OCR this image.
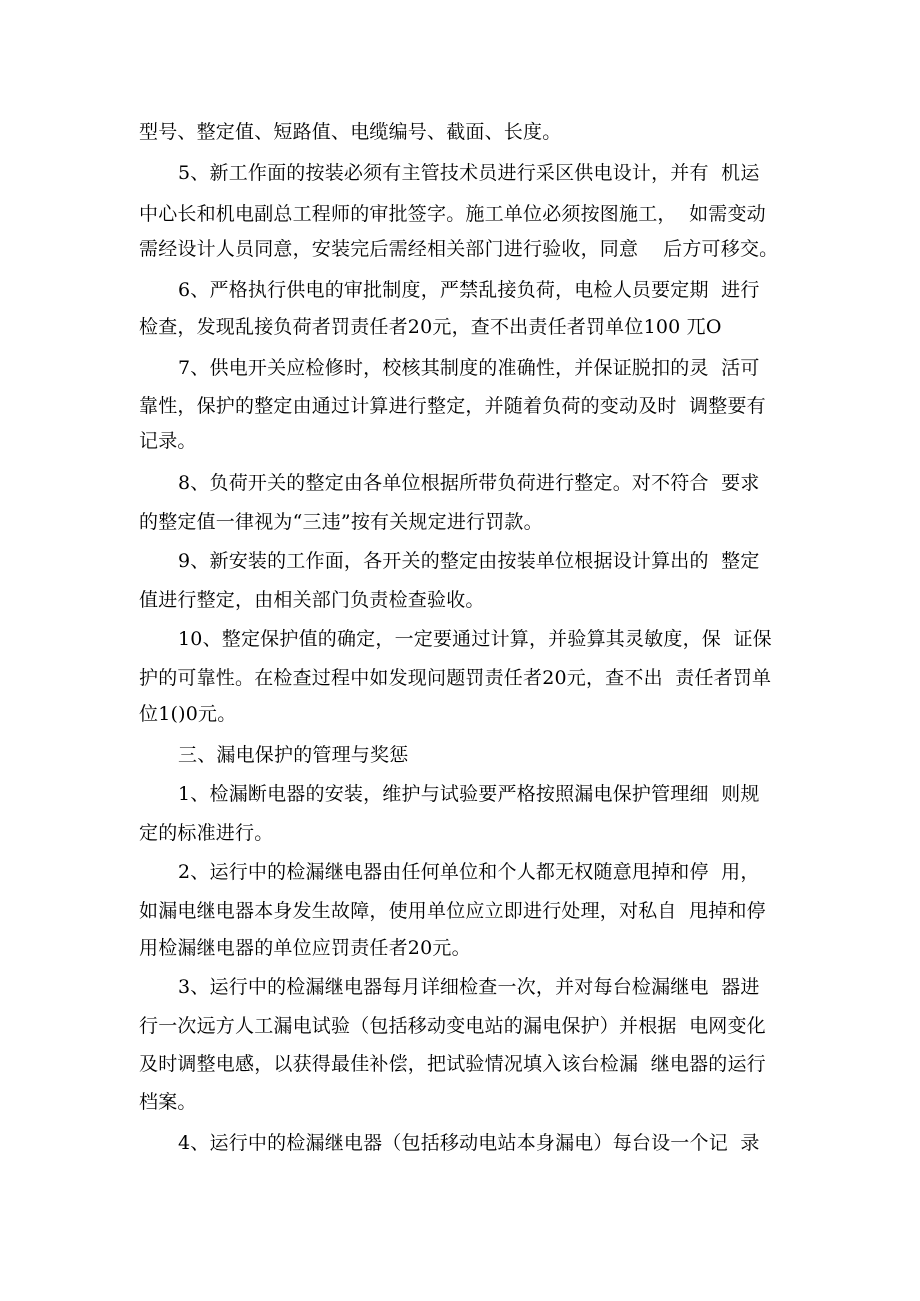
型号、整定值、短路值、电缆编号、截面、长度。
5、新工作面的按装必须有主管技术员进行采区供电设计，并有  机运
中心长和机电副总工程师的审批签字。施工单位必须按图施工，  如需变动
需经设计人员同意，安装完后需经相关部门进行验收，同意    后方可移交。
6、严格执行供电的审批制度，严禁乱接负荷，电检人员要定期  进行
检查，发现乱接负荷者罚责任者20元，查不出责任者罚单位100 兀O
7、供电开关应检修时，校核其制度的准确性，并保证脱扣的灵  活可
靠性，保护的整定由通过计算进行整定，并随着负荷的变动及时  调整要有
记录。
8、负荷开关的整定由各单位根据所带负荷进行整定。对不符合  要求
的整定值一律视为“三违”按有关规定进行罚款。
9、新安装的工作面，各开关的整定由按装单位根据设计算出的  整定
值进行整定，由相关部门负责检查验收。
10、整定保护值的确定，一定要通过计算，并验算其灵敏度，保  证保
护的可靠性。在检查过程中如发现问题罚责任者20元，查不出  责任者罚单
位1()0元。
三、漏电保护的管理与奖惩
1、检漏断电器的安装，维护与试验要严格按照漏电保护管理细  则规
定的标准进行。
2、运行中的检漏继电器由任何单位和个人都无权随意甩掉和停  用，
如漏电继电器本身发生故障，使用单位应立即进行处理，对私自  甩掉和停
用检漏继电器的单位应罚责任者20元。
3、运行中的检漏继电器每月详细检查一次，并对每台检漏继电  器进
行一次远方人工漏电试验（包括移动变电站的漏电保护）并根据  电网变化
及时调整电感，以获得最佳补偿，把试验情况填入该台检漏  继电器的运行
档案。
4、运行中的检漏继电器（包括移动电站本身漏电）每台设一个记  录
